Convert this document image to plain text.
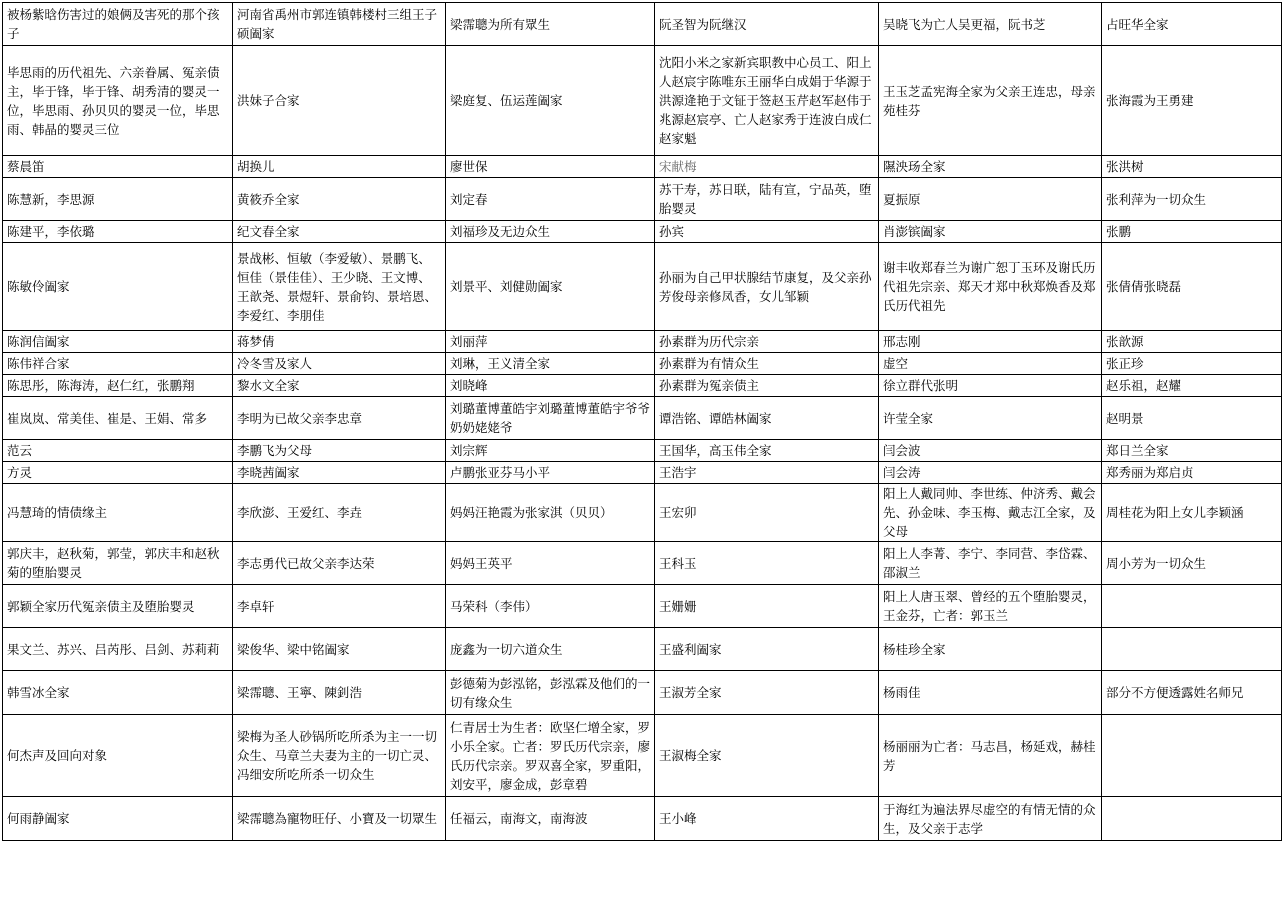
被杨紫晗伤害过的娘俩及害死的那个孩子	河南省禹州市郭连镇韩楼村三组王子硕阖家	梁霈聰为所有眾生	阮圣智为阮继汉	吴晓飞为亡人吴更福，阮书芝	占旺华全家
毕思雨的历代祖先、六亲眷属、冤亲债主，毕于锋，毕于锋、胡秀清的婴灵一位，毕思雨、孙贝贝的婴灵一位，毕思雨、韩晶的婴灵三位	洪妹子合家	梁庭复、伍运莲阖家	沈阳小米之家新宾职教中心员工、阳上人赵宸宇陈唯东王丽华白成娟于华源于洪源逄艳于文钲于签赵玉芹赵军赵伟于兆源赵宸亭、亡人赵家秀于连波白成仁赵家魁	王玉芝孟宪海全家为父亲王连忠，母亲苑桂芬	张海霞为王勇建
蔡晨笛	胡换儿	廖世保	宋献梅	隰泱玚全家	张洪树
陈慧新，李思源	黄筱乔全家	刘定春	苏干寿，苏日联，陆有宣，宁品英，堕胎婴灵	夏振原	张利萍为一切众生
陈建平，李依璐	纪文春全家	刘福珍及无边众生	孙宾	肖澎镔阖家	张鹏
陈敏伶阖家	景战彬、恒敏（李爱敏）、景鹏飞、恒佳（景佳佳）、王少晓、王文博、王歆尧、景煜轩、景俞钧、景培恩、李爱红、李朋佳	刘景平、刘健勋阖家	孙丽为自己甲状腺结节康复，及父亲孙芳俊母亲修凤香，女儿邹颖	谢丰收郑春兰为谢广恕丁玉环及谢氏历代祖先宗亲、郑天才郑中秋郑焕香及郑氏历代祖先	张倩倩张晓磊
陈润信阖家	蒋梦倩	刘丽萍	孙素群为历代宗亲	邢志刚	张歆源
陈伟祥合家	冷冬雪及家人	刘琳，王义清全家	孙素群为有情众生	虚空	张正珍
陈思彤，陈海涛，赵仁红，张鹏翔	黎水文全家	刘晓峰	孙素群为冤亲债主	徐立群代张明	赵乐祖，赵耀
崔岚岚、常美佳、崔是、王娟、常多	李明为已故父亲李忠章	刘璐董博董皓宇刘璐董博董皓宇爷爷奶奶姥姥爷	谭浩铭、谭皓林阖家	许莹全家	赵明景
范云	李鹏飞为父母	刘宗辉	王国华，高玉伟全家	闫会波	郑日兰全家
方灵	李晓茜阖家	卢鹏张亚芬马小平	王浩宇	闫会涛	郑秀丽为郑启贞
冯慧琦的情债缘主	李欣澎、王爱红、李垚	妈妈汪艳霞为张家淇（贝贝）	王宏卯	阳上人戴同帅、李世练、仲济秀、戴会先、孙金味、李玉梅、戴志江全家，及父母	周桂花为阳上女儿李颖涵
郭庆丰，赵秋菊，郭莹，郭庆丰和赵秋菊的堕胎婴灵	李志勇代已故父亲李达荣	妈妈王英平	王科玉	阳上人李菁、李宁、李同营、李岱霖、邵淑兰	周小芳为一切众生
郭颖全家历代冤亲债主及堕胎婴灵	李卓轩	马荣科（李伟）	王姗姗	阳上人唐玉翠、曾经的五个堕胎婴灵，王金芬，亡者：郭玉兰	
果文兰、苏兴、吕芮彤、吕剑、苏莉莉	梁俊华、梁中铭阖家	庞鑫为一切六道众生	王盛利阖家	杨桂珍全家	
韩雪冰全家	梁霈聰、王寧、陳釗浩	彭德菊为彭泓铭，彭泓霖及他们的一切有缘众生	王淑芳全家	杨雨佳	部分不方便透露姓名师兄
何杰声及回向对象	梁梅为圣人砂锅所吃所杀为主一一切众生、马章兰夫妻为主的一切亡灵、冯细安所吃所杀一切众生	仁青居士为生者：欧坚仁增全家，罗小乐全家。亡者：罗氏历代宗亲，廖氏历代宗亲。罗双喜全家，罗重阳，刘安平，廖金成，彭章碧	王淑梅全家	杨丽丽为亡者：马志昌，杨延戏，赫桂芳	
何雨静阖家	梁霈聰為寵物旺仔、小寶及一切眾生	任福云，南海文，南海波	王小峰	于海红为遍法界尽虚空的有情无情的众生，及父亲于志学	
